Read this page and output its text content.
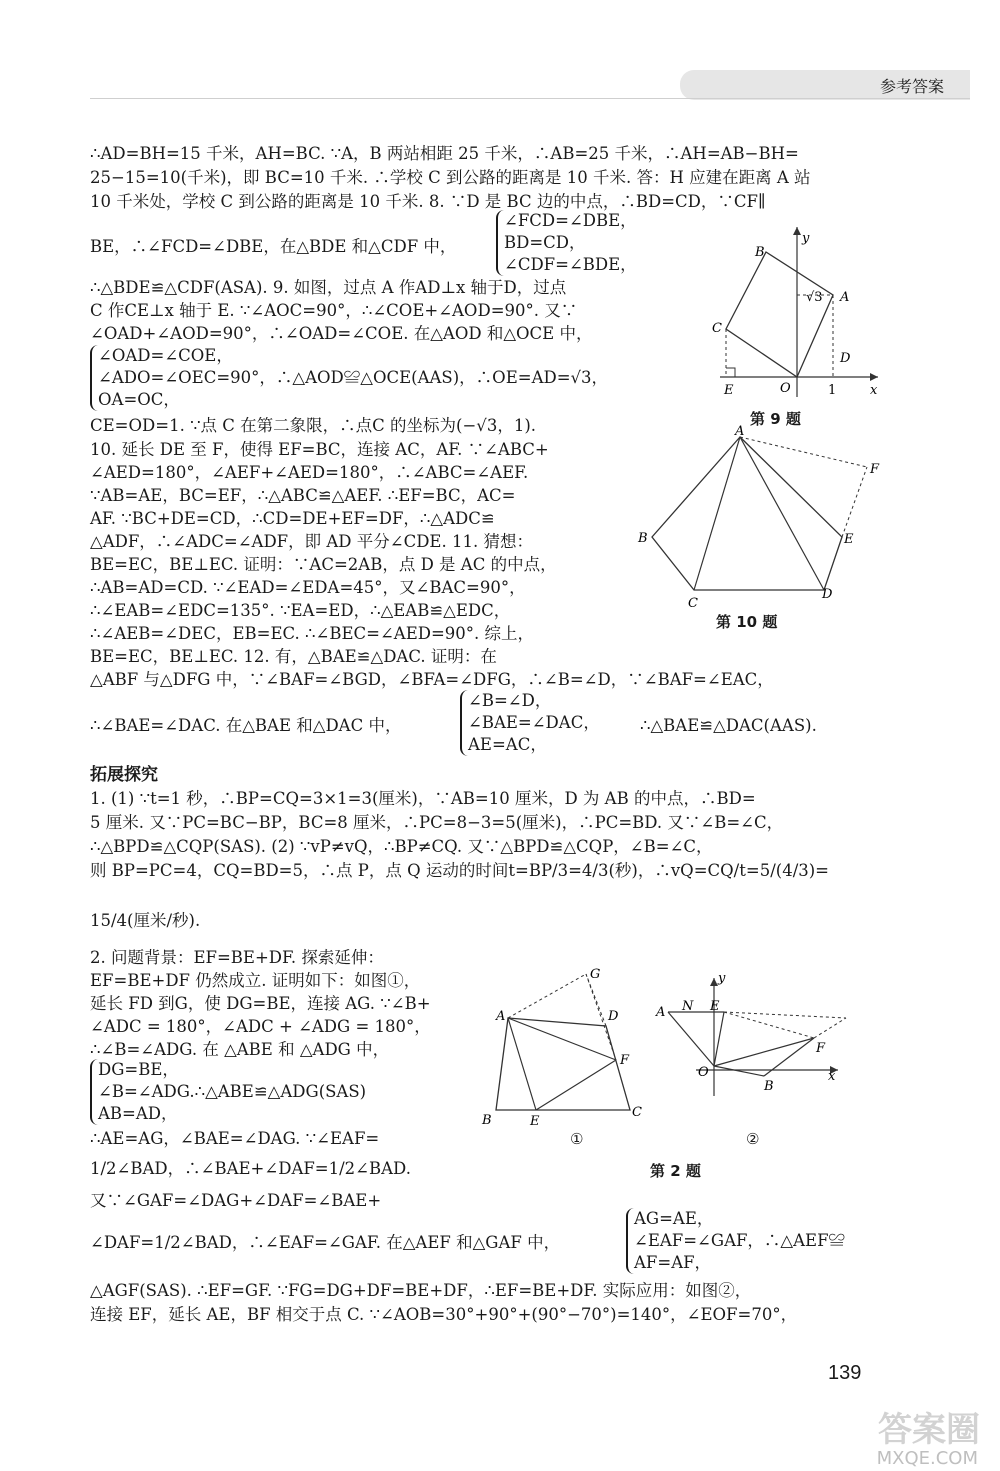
参考答案
∴AD=BH=15 千米，AH=BC. ∵A，B 两站相距 25 千米，∴AB=25 千米，∴AH=AB−BH=
25−15=10(千米)，即 BC=10 千米. ∴学校 C 到公路的距离是 10 千米. 答：H 应建在距离 A 站
10 千米处，学校 C 到公路的距离是 10 千米. 8. ∵D 是 BC 边的中点，∴BD=CD，∵CF∥
BE，∴∠FCD=∠DBE，在△BDE 和△CDF 中，
∠FCD=∠DBE，
BD=CD，
∠CDF=∠BDE，
∴△BDE≌△CDF(ASA). 9. 如图，过点 A 作AD⊥x 轴于D，过点
C 作CE⊥x 轴于 E. ∵∠AOC=90°，∴∠COE+∠AOD=90°. 又∵
∠OAD+∠AOD=90°，∴∠OAD=∠COE. 在△AOD 和△OCE 中，
∠OAD=∠COE，
∠ADO=∠OEC=90°，∴△AOD≌△OCE(AAS)，∴OE=AD=√3，
OA=OC，
CE=OD=1. ∵点 C 在第二象限，∴点C 的坐标为(−√3，1).
10. 延长 DE 至 F，使得 EF=BC，连接 AC，AF. ∵∠ABC+
∠AED=180°，∠AEF+∠AED=180°，∴∠ABC=∠AEF.
∵AB=AE，BC=EF，∴△ABC≌△AEF. ∴EF=BC，AC=
AF. ∵BC+DE=CD，∴CD=DE+EF=DF，∴△ADC≌
△ADF，∴∠ADC=∠ADF，即 AD 平分∠CDE. 11. 猜想：
BE=EC，BE⊥EC. 证明：∵AC=2AB，点 D 是 AC 的中点，
∴AB=AD=CD. ∵∠EAD=∠EDA=45°，又∠BAC=90°，
∴∠EAB=∠EDC=135°. ∵EA=ED，∴△EAB≌△EDC，
∴∠AEB=∠DEC，EB=EC. ∴∠BEC=∠AED=90°. 综上，
BE=EC，BE⊥EC. 12. 有，△BAE≌△DAC. 证明：在
△ABF 与△DFG 中，∵∠BAF=∠BGD，∠BFA=∠DFG，∴∠B=∠D，∵∠BAF=∠EAC，
∴∠BAE=∠DAC. 在△BAE 和△DAC 中，
∠B=∠D，
∠BAE=∠DAC，
AE=AC，
∴△BAE≌△DAC(AAS).
拓展探究
1. (1) ∵t=1 秒，∴BP=CQ=3×1=3(厘米)，∵AB=10 厘米，D 为 AB 的中点，∴BD=
5 厘米. 又∵PC=BC−BP，BC=8 厘米，∴PC=8−3=5(厘米)，∴PC=BD. 又∵∠B=∠C，
∴△BPD≌△CQP(SAS). (2) ∵vP≠vQ，∴BP≠CQ. 又∵△BPD≌△CQP，∠B=∠C，
则 BP=PC=4，CQ=BD=5，∴点 P，点 Q 运动的时间t=BP/3=4/3(秒)，∴vQ=CQ/t=5/(4/3)=
15/4(厘米/秒).
2. 问题背景：EF=BE+DF. 探索延伸：
EF=BE+DF 仍然成立. 证明如下：如图①，
延长 FD 到G，使 DG=BE，连接 AG. ∵∠B+
∠ADC = 180°，∠ADC + ∠ADG = 180°，
∴∠B=∠ADG. 在 △ABE 和 △ADG 中，
DG=BE，
∠B=∠ADG.∴△ABE≌△ADG(SAS)
AB=AD，
∴AE=AG，∠BAE=∠DAG. ∵∠EAF=
1/2∠BAD，∴∠BAE+∠DAF=1/2∠BAD.
又∵∠GAF=∠DAG+∠DAF=∠BAE+
∠DAF=1/2∠BAD，∴∠EAF=∠GAF. 在△AEF 和△GAF 中，
AG=AE，
∠EAF=∠GAF，∴△AEF≌
AF=AF，
△AGF(SAS). ∴EF=GF. ∵FG=DG+DF=BE+DF，∴EF=BE+DF. 实际应用：如图②，
连接 EF，延长 AE，BF 相交于点 C. ∵∠AOB=30°+90°+(90°−70°)=140°，∠EOF=70°，
B
A
C
O
E	1
D
y
x
√3
第 9 题
A
B
C
D
E
F
第 10 题
A
G
D
F
B	E
C
①
A N E
y
O
B
F
x
②
第 2 题
139
答案圈
MXQE.COM
